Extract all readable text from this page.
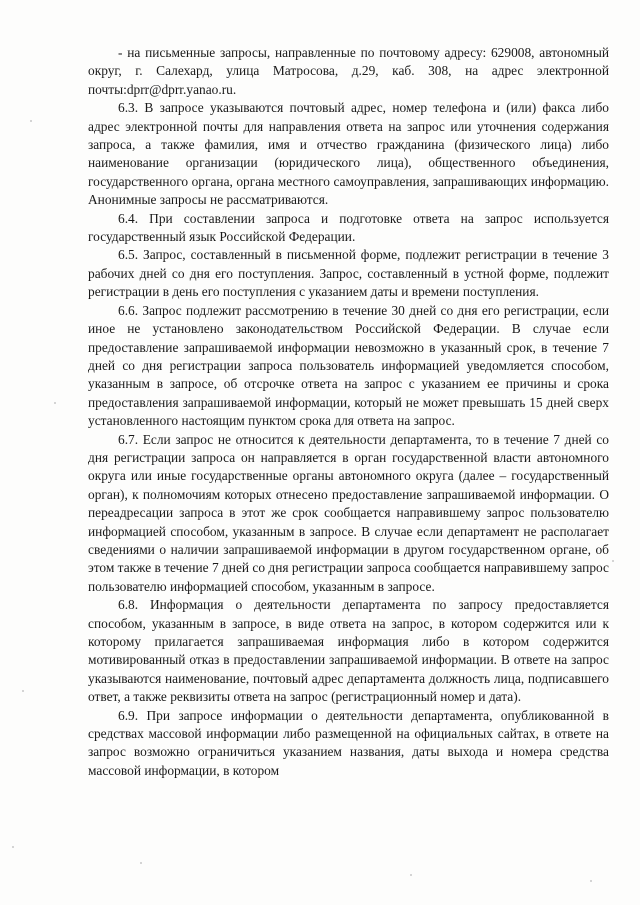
- на письменные запросы, направленные по почтовому адресу: 629008, автономный округ, г. Салехард, улица Матросова, д.29, каб. 308, на адрес электронной почты:dprr@dprr.yanao.ru.

6.3. В запросе указываются почтовый адрес, номер телефона и (или) факса либо адрес электронной почты для направления ответа на запрос или уточнения содержания запроса, а также фамилия, имя и отчество гражданина (физического лица) либо наименование организации (юридического лица), общественного объединения, государственного органа, органа местного самоуправления, запрашивающих информацию. Анонимные запросы не рассматриваются.

6.4. При составлении запроса и подготовке ответа на запрос используется государственный язык Российской Федерации.

6.5. Запрос, составленный в письменной форме, подлежит регистрации в течение 3 рабочих дней со дня его поступления. Запрос, составленный в устной форме, подлежит регистрации в день его поступления с указанием даты и времени поступления.

6.6. Запрос подлежит рассмотрению в течение 30 дней со дня его регистрации, если иное не установлено законодательством Российской Федерации. В случае если предоставление запрашиваемой информации невозможно в указанный срок, в течение 7 дней со дня регистрации запроса пользователь информацией уведомляется способом, указанным в запросе, об отсрочке ответа на запрос с указанием ее причины и срока предоставления запрашиваемой информации, который не может превышать 15 дней сверх установленного настоящим пунктом срока для ответа на запрос.

6.7. Если запрос не относится к деятельности департамента, то в течение 7 дней со дня регистрации запроса он направляется в орган государственной власти автономного округа или иные государственные органы автономного округа (далее – государственный орган), к полномочиям которых отнесено предоставление запрашиваемой информации. О переадресации запроса в этот же срок сообщается направившему запрос пользователю информацией способом, указанным в запросе. В случае если департамент не располагает сведениями о наличии запрашиваемой информации в другом государственном органе, об этом также в течение 7 дней со дня регистрации запроса сообщается направившему запрос пользователю информацией способом, указанным в запросе.

6.8. Информация о деятельности департамента по запросу предоставляется способом, указанным в запросе, в виде ответа на запрос, в котором содержится или к которому прилагается запрашиваемая информация либо в котором содержится мотивированный отказ в предоставлении запрашиваемой информации. В ответе на запрос указываются наименование, почтовый адрес департамента должность лица, подписавшего ответ, а также реквизиты ответа на запрос (регистрационный номер и дата).

6.9. При запросе информации о деятельности департамента, опубликованной в средствах массовой информации либо размещенной на официальных сайтах, в ответе на запрос возможно ограничиться указанием названия, даты выхода и номера средства массовой информации, в котором
